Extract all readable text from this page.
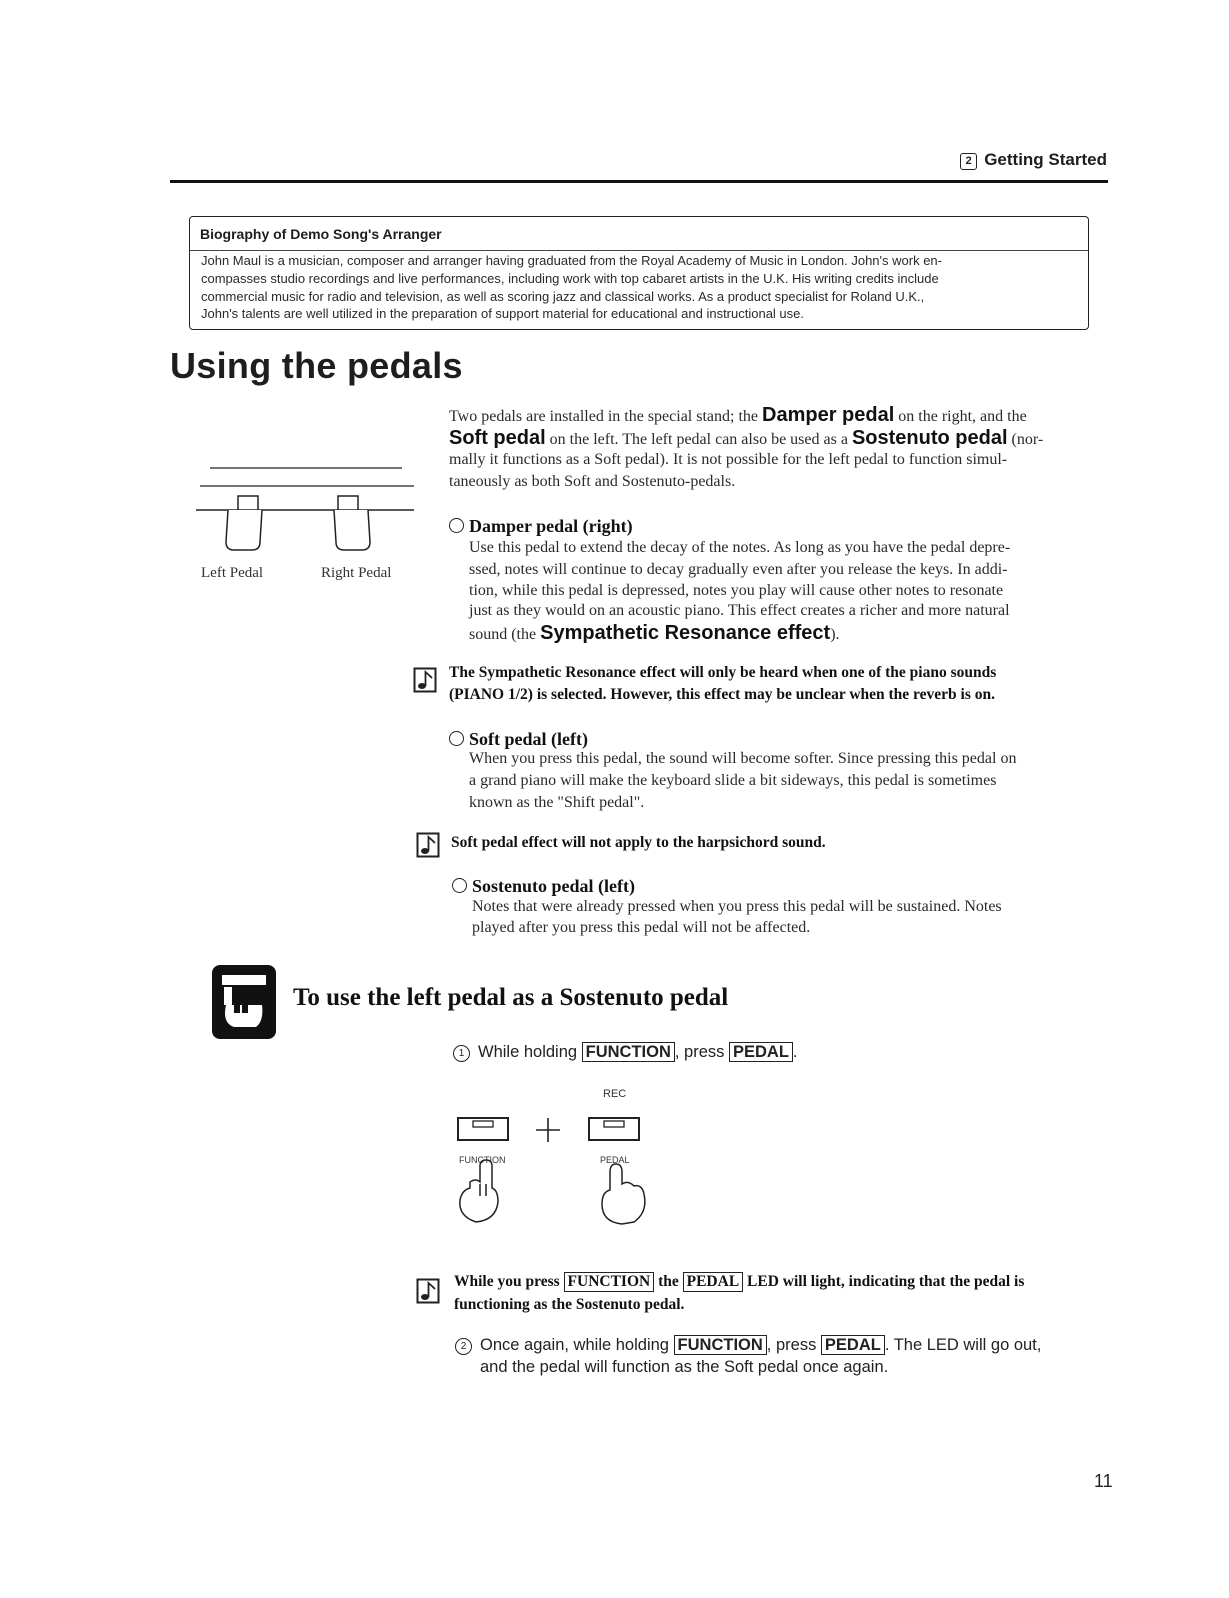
2 Getting Started
Biography of Demo Song's Arranger
John Maul is a musician, composer and arranger having graduated from the Royal Academy of Music in London. John's work en-
compasses studio recordings and live performances, including work with top cabaret artists in the U.K. His writing credits include
commercial music for radio and television, as well as scoring jazz and classical works. As a product specialist for Roland U.K.,
John's talents are well utilized in the preparation of support material for educational and instructional use.
Using the pedals
Two pedals are installed in the special stand; the Damper pedal on the right, and the
Soft pedal on the left. The left pedal can also be used as a Sostenuto pedal (nor-
mally it functions as a Soft pedal). It is not possible for the left pedal to function simul-
taneously as both Soft and Sostenuto-pedals.
Left Pedal	Right Pedal
Damper pedal (right)
Use this pedal to extend the decay of the notes. As long as you have the pedal depre-
ssed, notes will continue to decay gradually even after you release the keys. In addi-
tion, while this pedal is depressed, notes you play will cause other notes to resonate
just as they would on an acoustic piano. This effect creates a richer and more natural
sound (the Sympathetic Resonance effect).
The Sympathetic Resonance effect will only be heard when one of the piano sounds
(PIANO 1/2) is selected. However, this effect may be unclear when the reverb is on.
Soft pedal (left)
When you press this pedal, the sound will become softer. Since pressing this pedal on
a grand piano will make the keyboard slide a bit sideways, this pedal is sometimes
known as the "Shift pedal".
Soft pedal effect will not apply to the harpsichord sound.
Sostenuto pedal (left)
Notes that were already pressed when you press this pedal will be sustained. Notes
played after you press this pedal will not be affected.
To use the left pedal as a Sostenuto pedal
1 While holding FUNCTION , press PEDAL .
REC
FUNCTION	PEDAL
While you press FUNCTION the PEDAL LED will light, indicating that the pedal is
functioning as the Sostenuto pedal.
2 Once again, while holding FUNCTION , press PEDAL . The LED will go out,
and the pedal will function as the Soft pedal once again.
11
